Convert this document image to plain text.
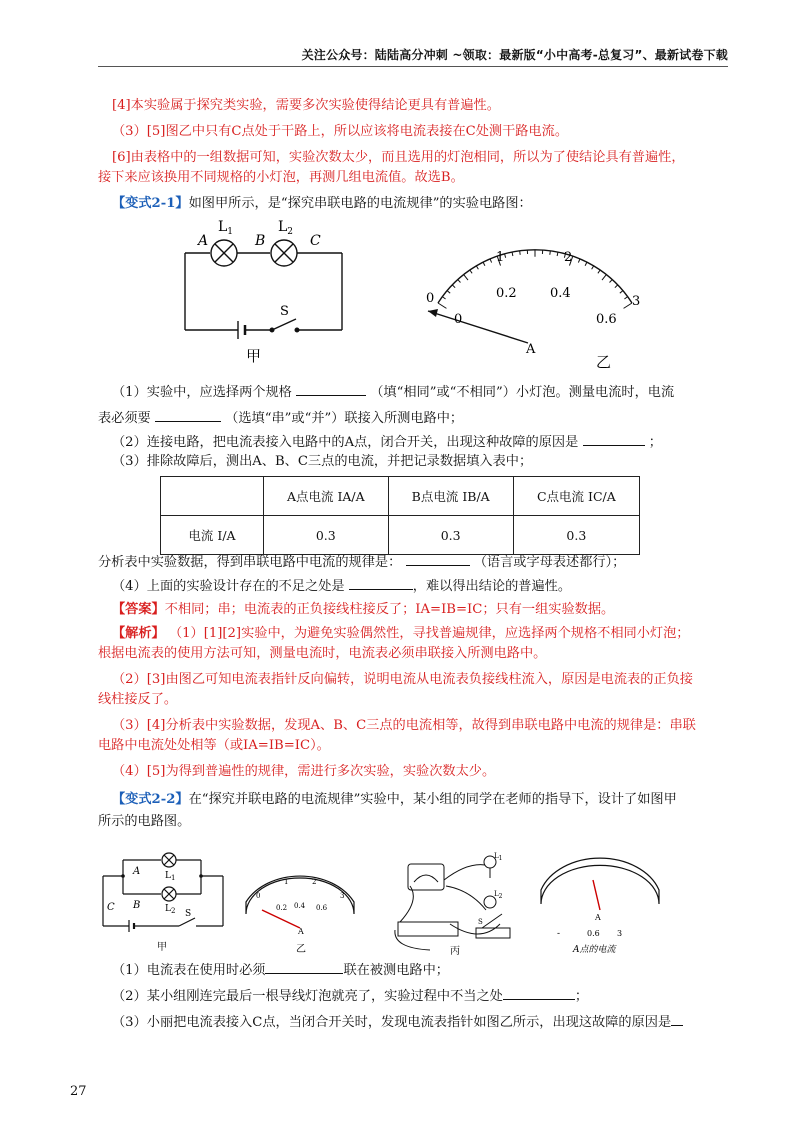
关注公众号：陆陆高分冲刺 ~领取：最新版“小中高考-总复习”、最新试卷下载
[4]本实验属于探究类实验，需要多次实验使得结论更具有普遍性。
（3）[5]图乙中只有C点处于干路上，所以应该将电流表接在C处测干路电流。
[6]由表格中的一组数据可知，实验次数太少，而且选用的灯泡相同，所以为了使结论具有普遍性，
接下来应该换用不同规格的小灯泡，再测几组电流值。故选B。
【变式2-1】如图甲所示，是“探究串联电路的电流规律”的实验电路图：
A	B	C
$L_1$	$L_2$
S
甲
0
1	2
3
0
0.2	0.4
0.6
A
乙
（1）实验中，应选择两个规格	（填“相同”或“不相同”）小灯泡。测量电流时，电流
表必须要	（选填“串”或“并”）联接入所测电路中；
（2）连接电路，把电流表接入电路中的A点，闭合开关，出现这种故障的原因是	；
（3）排除故障后，测出A、B、C三点的电流，并把记录数据填入表中；
	A点电流 IA/A	B点电流 IB/A	C点电流 IC/A
电流 I/A	0.3	0.3	0.3
分析表中实验数据，得到串联电路中电流的规律是：	（语言或字母表述都行）；
（4）上面的实验设计存在的不足之处是	，难以得出结论的普遍性。
【答案】不相同；串；电流表的正负接线柱接反了；IA=IB=IC；只有一组实验数据。
【解析】 （1）[1][2]实验中，为避免实验偶然性，寻找普遍规律，应选择两个规格不相同小灯泡；
根据电流表的使用方法可知，测量电流时，电流表必须串联接入所测电路中。
（2）[3]由图乙可知电流表指针反向偏转，说明电流从电流表负接线柱流入，原因是电流表的正负接
线柱接反了。
（3）[4]分析表中实验数据，发现A、B、C三点的电流相等，故得到串联电路中电流的规律是：串联
电路中电流处处相等（或IA=IB=IC）。
（4）[5]为得到普遍性的规律，需进行多次实验，实验次数太少。
【变式2-2】在“探究并联电路的电流规律”实验中，某小组的同学在老师的指导下，设计了如图甲
所示的电路图。
A
B
C
$L_1$
$L_2$ S
甲
0
1	2
3
0.2 0.4 0.6
A
乙
L1
L2
S
丙
A
-	0.6 3
A点的电流
（1）电流表在使用时必须	联在被测电路中；
（2）某小组刚连完最后一根导线灯泡就亮了，实验过程中不当之处	；
（3）小丽把电流表接入C点，当闭合开关时，发现电流表指针如图乙所示，出现这故障的原因是
27
